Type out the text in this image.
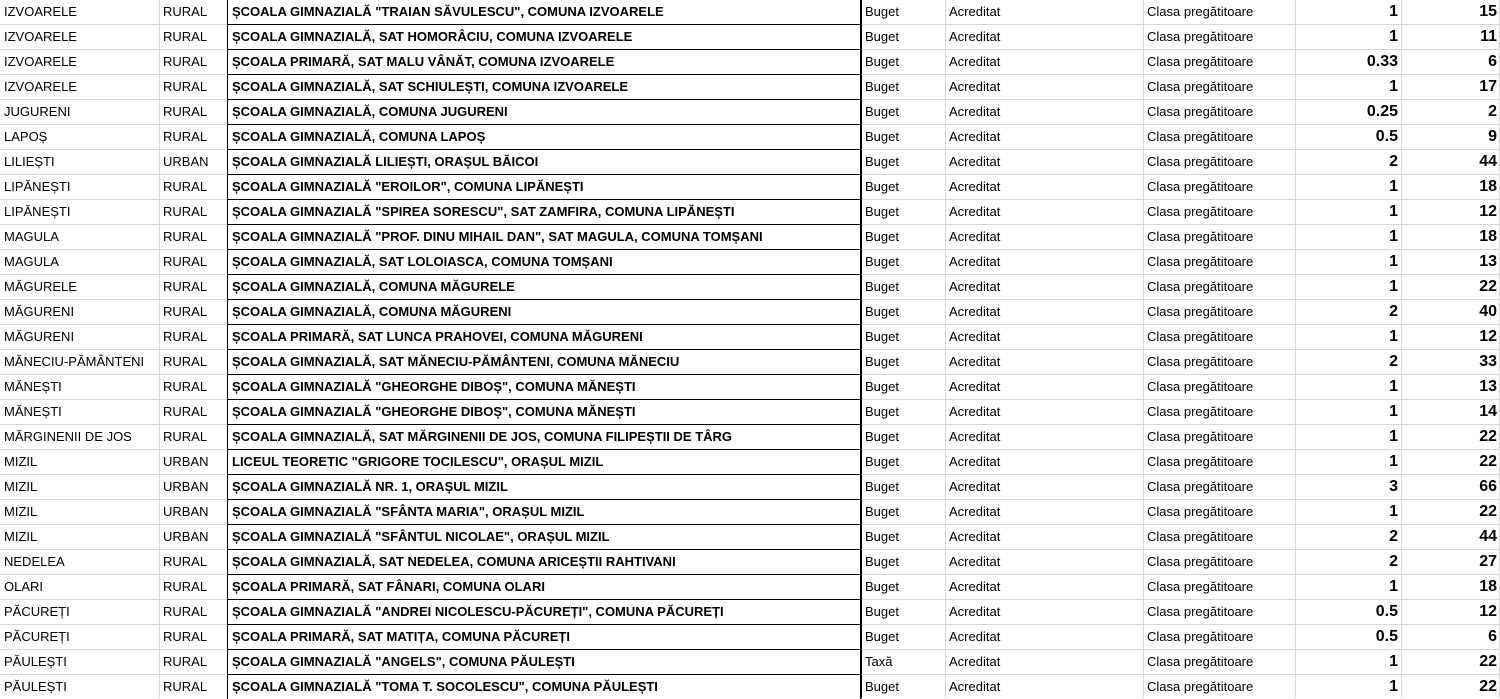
IZVOARELE	RURAL	ȘCOALA GIMNAZIALĂ "TRAIAN SĂVULESCU", COMUNA IZVOARELE	Buget	Acreditat	Clasa pregătitoare	1	15
IZVOARELE	RURAL	ȘCOALA GIMNAZIALĂ, SAT HOMORÂCIU, COMUNA IZVOARELE	Buget	Acreditat	Clasa pregătitoare	1	11
IZVOARELE	RURAL	ȘCOALA PRIMARĂ, SAT MALU VÂNĂT, COMUNA IZVOARELE	Buget	Acreditat	Clasa pregătitoare	0.33	6
IZVOARELE	RURAL	ȘCOALA GIMNAZIALĂ, SAT SCHIULEȘTI, COMUNA IZVOARELE	Buget	Acreditat	Clasa pregătitoare	1	17
JUGURENI	RURAL	ȘCOALA GIMNAZIALĂ, COMUNA JUGURENI	Buget	Acreditat	Clasa pregătitoare	0.25	2
LAPOȘ	RURAL	ȘCOALA GIMNAZIALĂ, COMUNA LAPOȘ	Buget	Acreditat	Clasa pregătitoare	0.5	9
LILIEȘTI	URBAN	ȘCOALA GIMNAZIALĂ LILIEȘTI, ORAȘUL BĂICOI	Buget	Acreditat	Clasa pregătitoare	2	44
LIPĂNEȘTI	RURAL	ȘCOALA GIMNAZIALĂ "EROILOR", COMUNA LIPĂNEȘTI	Buget	Acreditat	Clasa pregătitoare	1	18
LIPĂNEȘTI	RURAL	ȘCOALA GIMNAZIALĂ "SPIREA SORESCU", SAT ZAMFIRA, COMUNA LIPĂNEȘTI	Buget	Acreditat	Clasa pregătitoare	1	12
MAGULA	RURAL	ȘCOALA GIMNAZIALĂ "PROF. DINU MIHAIL DAN", SAT MAGULA, COMUNA TOMȘANI	Buget	Acreditat	Clasa pregătitoare	1	18
MAGULA	RURAL	ȘCOALA GIMNAZIALĂ, SAT LOLOIASCA, COMUNA TOMȘANI	Buget	Acreditat	Clasa pregătitoare	1	13
MĂGURELE	RURAL	ȘCOALA GIMNAZIALĂ, COMUNA MĂGURELE	Buget	Acreditat	Clasa pregătitoare	1	22
MĂGURENI	RURAL	ȘCOALA GIMNAZIALĂ, COMUNA MĂGURENI	Buget	Acreditat	Clasa pregătitoare	2	40
MĂGURENI	RURAL	ȘCOALA PRIMARĂ, SAT LUNCA PRAHOVEI, COMUNA MĂGURENI	Buget	Acreditat	Clasa pregătitoare	1	12
MĂNECIU-PĂMÂNTENI	RURAL	ȘCOALA GIMNAZIALĂ, SAT MĂNECIU-PĂMÂNTENI, COMUNA MĂNECIU	Buget	Acreditat	Clasa pregătitoare	2	33
MĂNEȘTI	RURAL	ȘCOALA GIMNAZIALĂ "GHEORGHE DIBOȘ", COMUNA MĂNEȘTI	Buget	Acreditat	Clasa pregătitoare	1	13
MĂNEȘTI	RURAL	ȘCOALA GIMNAZIALĂ "GHEORGHE DIBOȘ", COMUNA MĂNEȘTI	Buget	Acreditat	Clasa pregătitoare	1	14
MĂRGINENII DE JOS	RURAL	ȘCOALA GIMNAZIALĂ, SAT MĂRGINENII DE JOS, COMUNA FILIPEȘTII DE TÂRG	Buget	Acreditat	Clasa pregătitoare	1	22
MIZIL	URBAN	LICEUL TEORETIC "GRIGORE TOCILESCU", ORAȘUL MIZIL	Buget	Acreditat	Clasa pregătitoare	1	22
MIZIL	URBAN	ȘCOALA GIMNAZIALĂ NR. 1, ORAȘUL MIZIL	Buget	Acreditat	Clasa pregătitoare	3	66
MIZIL	URBAN	ȘCOALA GIMNAZIALĂ "SFÂNTA MARIA", ORAȘUL MIZIL	Buget	Acreditat	Clasa pregătitoare	1	22
MIZIL	URBAN	ȘCOALA GIMNAZIALĂ "SFÂNTUL NICOLAE", ORAȘUL MIZIL	Buget	Acreditat	Clasa pregătitoare	2	44
NEDELEA	RURAL	ȘCOALA GIMNAZIALĂ, SAT NEDELEA, COMUNA ARICEȘTII RAHTIVANI	Buget	Acreditat	Clasa pregătitoare	2	27
OLARI	RURAL	ȘCOALA PRIMARĂ, SAT FÂNARI, COMUNA OLARI	Buget	Acreditat	Clasa pregătitoare	1	18
PĂCUREȚI	RURAL	ȘCOALA GIMNAZIALĂ "ANDREI NICOLESCU-PĂCUREȚI", COMUNA PĂCUREȚI	Buget	Acreditat	Clasa pregătitoare	0.5	12
PĂCUREȚI	RURAL	ȘCOALA PRIMARĂ, SAT MATIȚA, COMUNA PĂCUREȚI	Buget	Acreditat	Clasa pregătitoare	0.5	6
PĂULEȘTI	RURAL	ȘCOALA GIMNAZIALĂ "ANGELS", COMUNA PĂULEȘTI	Taxă	Acreditat	Clasa pregătitoare	1	22
PĂULEȘTI	RURAL	ȘCOALA GIMNAZIALĂ "TOMA T. SOCOLESCU", COMUNA PĂULEȘTI	Buget	Acreditat	Clasa pregătitoare	1	22
